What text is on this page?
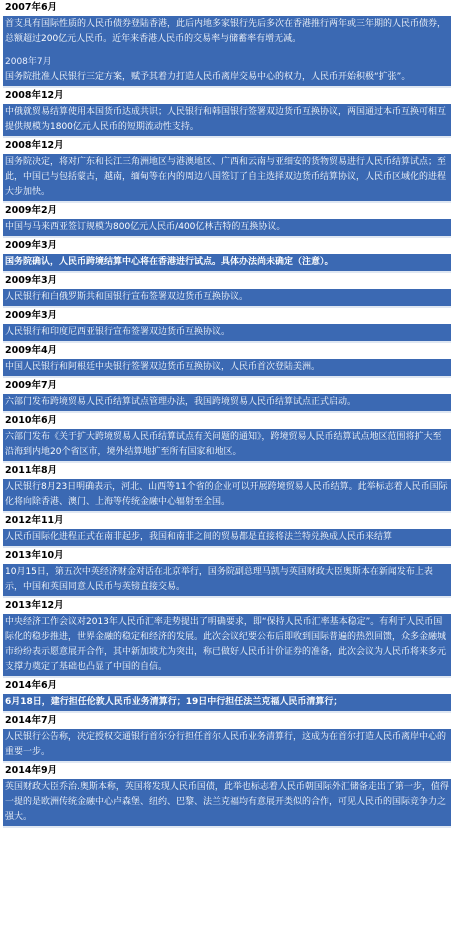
2007年6月
首支具有国际性质的人民币债券登陆香港，此后内地多家银行先后多次在香港推行两年或三年期的人民币债券，总额超过200亿元人民币。近年来香港人民币的交易率与储蓄率有增无减。
2008年7月
国务院批准人民银行三定方案，赋予其着力打造人民币离岸交易中心的权力，人民币开始积极“扩张”。
2008年12月
中俄就贸易结算使用本国货币达成共识；人民银行和韩国银行签署双边货币互换协议，两国通过本币互换可相互提供规模为1800亿元人民币的短期流动性支持。
2008年12月
国务院决定，将对广东和长江三角洲地区与港澳地区、广西和云南与亚细安的货物贸易进行人民币结算试点；至此，中国已与包括蒙古，越南，缅甸等在内的周边八国签订了自主选择双边货币结算协议，人民币区域化的进程大步加快。
2009年2月
中国与马来西亚签订规模为800亿元人民币/400亿林吉特的互换协议。
2009年3月
国务院确认，人民币跨境结算中心将在香港进行试点。具体办法尚未确定（注意）。
2009年3月
人民银行和白俄罗斯共和国银行宣布签署双边货币互换协议。
2009年3月
人民银行和印度尼西亚银行宣布签署双边货币互换协议。
2009年4月
中国人民银行和阿根廷中央银行签署双边货币互换协议，人民币首次登陆美洲。
2009年7月
六部门发布跨境贸易人民币结算试点管理办法，我国跨境贸易人民币结算试点正式启动。
2010年6月
六部门发布《关于扩大跨境贸易人民币结算试点有关问题的通知》，跨境贸易人民币结算试点地区范围将扩大至沿海到内地20个省区市，境外结算地扩至所有国家和地区。
2011年8月
人民银行8月23日明确表示，河北、山西等11个省的企业可以开展跨境贸易人民币结算。此举标志着人民币国际化将向除香港、澳门、上海等传统金融中心辐射至全国。
2012年11月
人民币国际化进程正式在南非起步，我国和南非之间的贸易都是直接将法兰特兑换成人民币来结算
2013年10月
10月15日，第五次中英经济财金对话在北京举行，国务院副总理马凯与英国财政大臣奥斯本在新闻发布上表示，中国和英国同意人民币与英镑直接交易。
2013年12月
中央经济工作会议对2013年人民币汇率走势提出了明确要求，即“保持人民币汇率基本稳定”。有利于人民币国际化的稳步推进，世界金融的稳定和经济的发展。此次会议纪要公布后即收到国际普遍的热烈回馈，众多金融城市纷纷表示愿意展开合作，其中新加坡尤为突出，称已做好人民币计价证券的准备，此次会议为人民币将来多元支撑力奠定了基础也凸显了中国的自信。
2014年6月
6月18日，建行担任伦敦人民币业务清算行；19日中行担任法兰克福人民币清算行；
2014年7月
人民银行公告称，决定授权交通银行首尔分行担任首尔人民币业务清算行，这成为在首尔打造人民币离岸中心的重要一步。
2014年9月
英国财政大臣乔治.奥斯本称，英国将发现人民币国债，此举也标志着人民币朝国际外汇储备走出了第一步，值得一提的是欧洲传统金融中心卢森堡、纽约、巴黎、法兰克福均有意展开类似的合作，可见人民币的国际竞争力之强大。
